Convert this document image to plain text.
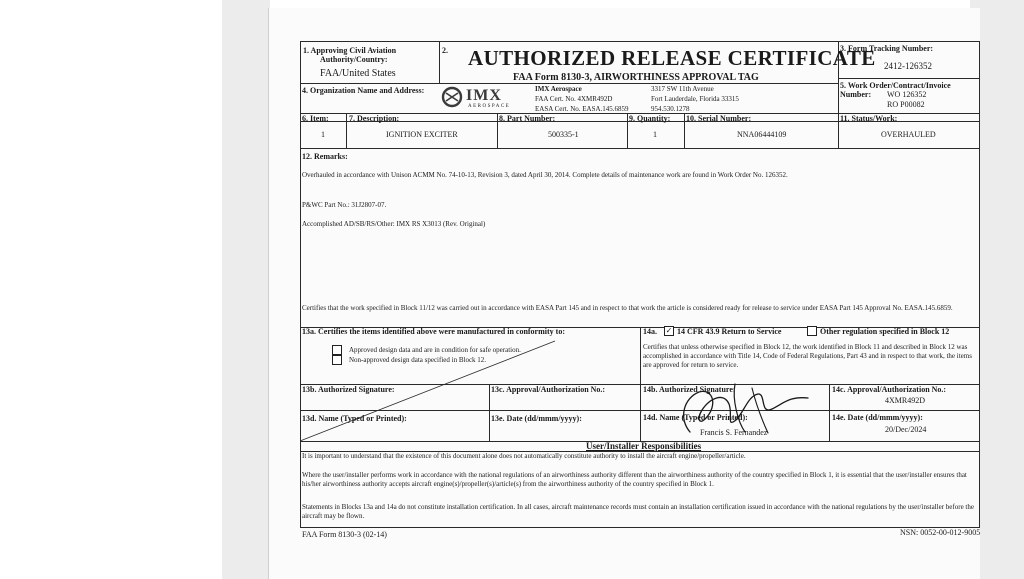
1. Approving Civil Aviation
Authority/Country:
FAA/United States
2. AUTHORIZED RELEASE CERTIFICATE
FAA Form 8130-3, AIRWORTHINESS APPROVAL TAG
3. Form Tracking Number:
2412-126352
4. Organization Name and Address:	IMX
AEROSPACE
IMX Aerospace
FAA Cert. No. 4XMR492D
EASA Cert. No. EASA.145.6859
3317 SW 11th Avenue
Fort Lauderdale, Florida 33315
954.530.1278
5. Work Order/Contract/Invoice
Number: WO 126352
RO P00082
6. Item:	7. Description:	8. Part Number:	9. Quantity: 10. Serial Number:	11. Status/Work:
1	IGNITION EXCITER	500335-1	1	NNA06444109	OVERHAULED
12. Remarks:
Overhauled in accordance with Unison ACMM No. 74-10-13, Revision 3, dated April 30, 2014. Complete details of maintenance work are found in Work Order No. 126352.
P&WC Part No.: 31J2807-07.
Accomplished AD/SB/RS/Other: IMX RS X3013 (Rev. Original)
Certifies that the work specified in Block 11/12 was carried out in accordance with EASA Part 145 and in respect to that work the article is considered ready for release to service under EASA Part 145 Approval No. EASA.145.6859.
13a. Certifies the items identified above were manufactured in conformity to:
Approved design data and are in condition for safe operation.
Non-approved design data specified in Block 12.
13b. Authorized Signature:	13c. Approval/Authorization No.:
13d. Name (Typed or Printed):	13e. Date (dd/mmm/yyyy):
14a. ✓ 14 CFR 43.9 Return to Service	Other regulation specified in Block 12
Certifies that unless otherwise specified in Block 12, the work identified in Block 11 and described in Block 12 was accomplished in accordance with Title 14, Code of Federal Regulations, Part 43 and in respect to that work, the items are approved for return to service.
14b. Authorized Signature:	14c. Approval/Authorization No.:
4XMR492D
14d. Name (Typed or Printed):
Francis S. Fernandez
14e. Date (dd/mmm/yyyy):
20/Dec/2024
User/Installer Responsibilities
It is important to understand that the existence of this document alone does not automatically constitute authority to install the aircraft engine/propeller/article.
Where the user/installer performs work in accordance with the national regulations of an airworthiness authority different than the airworthiness authority of the country specified in Block 1, it is essential that the user/installer ensures that his/her airworthiness authority accepts aircraft engine(s)/propeller(s)/article(s) from the airworthiness authority of the country specified in Block 1.
Statements in Blocks 13a and 14a do not constitute installation certification. In all cases, aircraft maintenance records must contain an installation certification issued in accordance with the national regulations by the user/installer before the aircraft may be flown.
FAA Form 8130-3 (02-14)	NSN: 0052-00-012-9005
